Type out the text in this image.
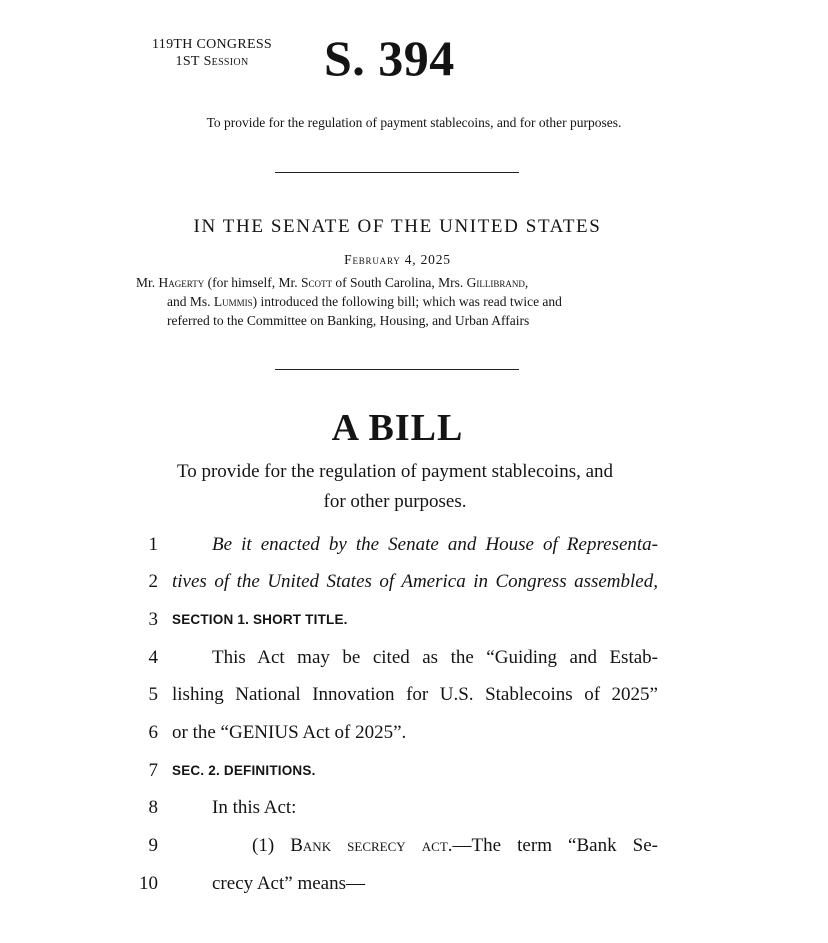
119TH CONGRESS
1ST Session	S. 394
To provide for the regulation of payment stablecoins, and for other purposes.
IN THE SENATE OF THE UNITED STATES
February 4, 2025

Mr. Hagerty (for himself, Mr. Scott of South Carolina, Mrs. Gillibrand,

and Ms. Lummis) introduced the following bill; which was read twice and

referred to the Committee on Banking, Housing, and Urban Affairs

A BILL
To provide for the regulation of payment stablecoins, and
for other purposes.
1	Be it enacted by the Senate and House of Representa-
2 tives of the United States of America in Congress assembled,
3 SECTION 1. SHORT TITLE.
4	This Act may be cited as the “Guiding and Estab-
5 lishing National Innovation for U.S. Stablecoins of 2025”
6 or the “GENIUS Act of 2025”.
7 SEC. 2. DEFINITIONS.
8	In this Act:
9	(1) Bank secrecy act.—The term “Bank Se-
10	crecy Act” means—
